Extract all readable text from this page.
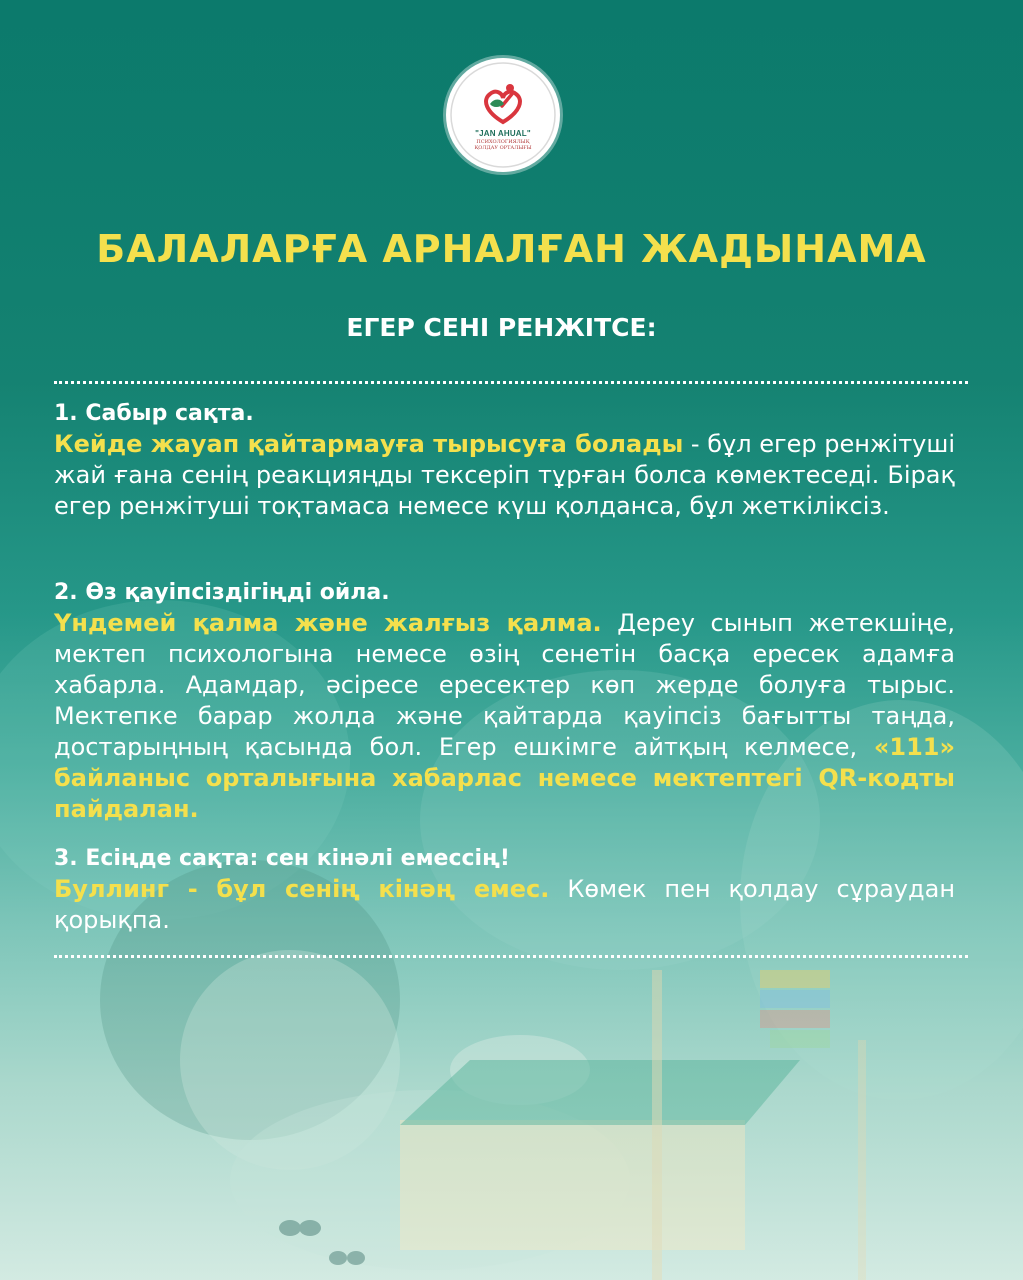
"JAN AHUAL"
ПСИХОЛОГИЯЛЫҚ ҚОЛДАУ ОРТАЛЫҒЫ
БАЛАЛАРҒА АРНАЛҒАН ЖАДЫНАМА
ЕГЕР СЕНІ РЕНЖІТСЕ:
1. Сабыр сақта.

Кейде жауап қайтармауға тырысуға болады - бұл егер ренжітуші жай ғана сенің реакцияңды тексеріп тұрған болса көмектеседі. Бірақ егер ренжітуші тоқтамаса немесе күш қолданса, бұл жеткіліксіз.

2. Өз қауіпсіздігіңді ойла.

Үндемей қалма және жалғыз қалма. Дереу сынып жетекшіңе, мектеп психологына немесе өзің сенетін басқа ересек адамға хабарла. Адамдар, әсіресе ересектер көп жерде болуға тырыс. Мектепке барар жолда және қайтарда қауіпсіз бағытты таңда, достарыңның қасында бол. Егер ешкімге айтқың келмесе, «111» байланыс орталығына хабарлас немесе мектептегі QR-кодты пайдалан.

3. Есіңде сақта: сен кінәлі емессің!

Буллинг - бұл сенің кінәң емес. Көмек пен қолдау сұраудан қорықпа.
